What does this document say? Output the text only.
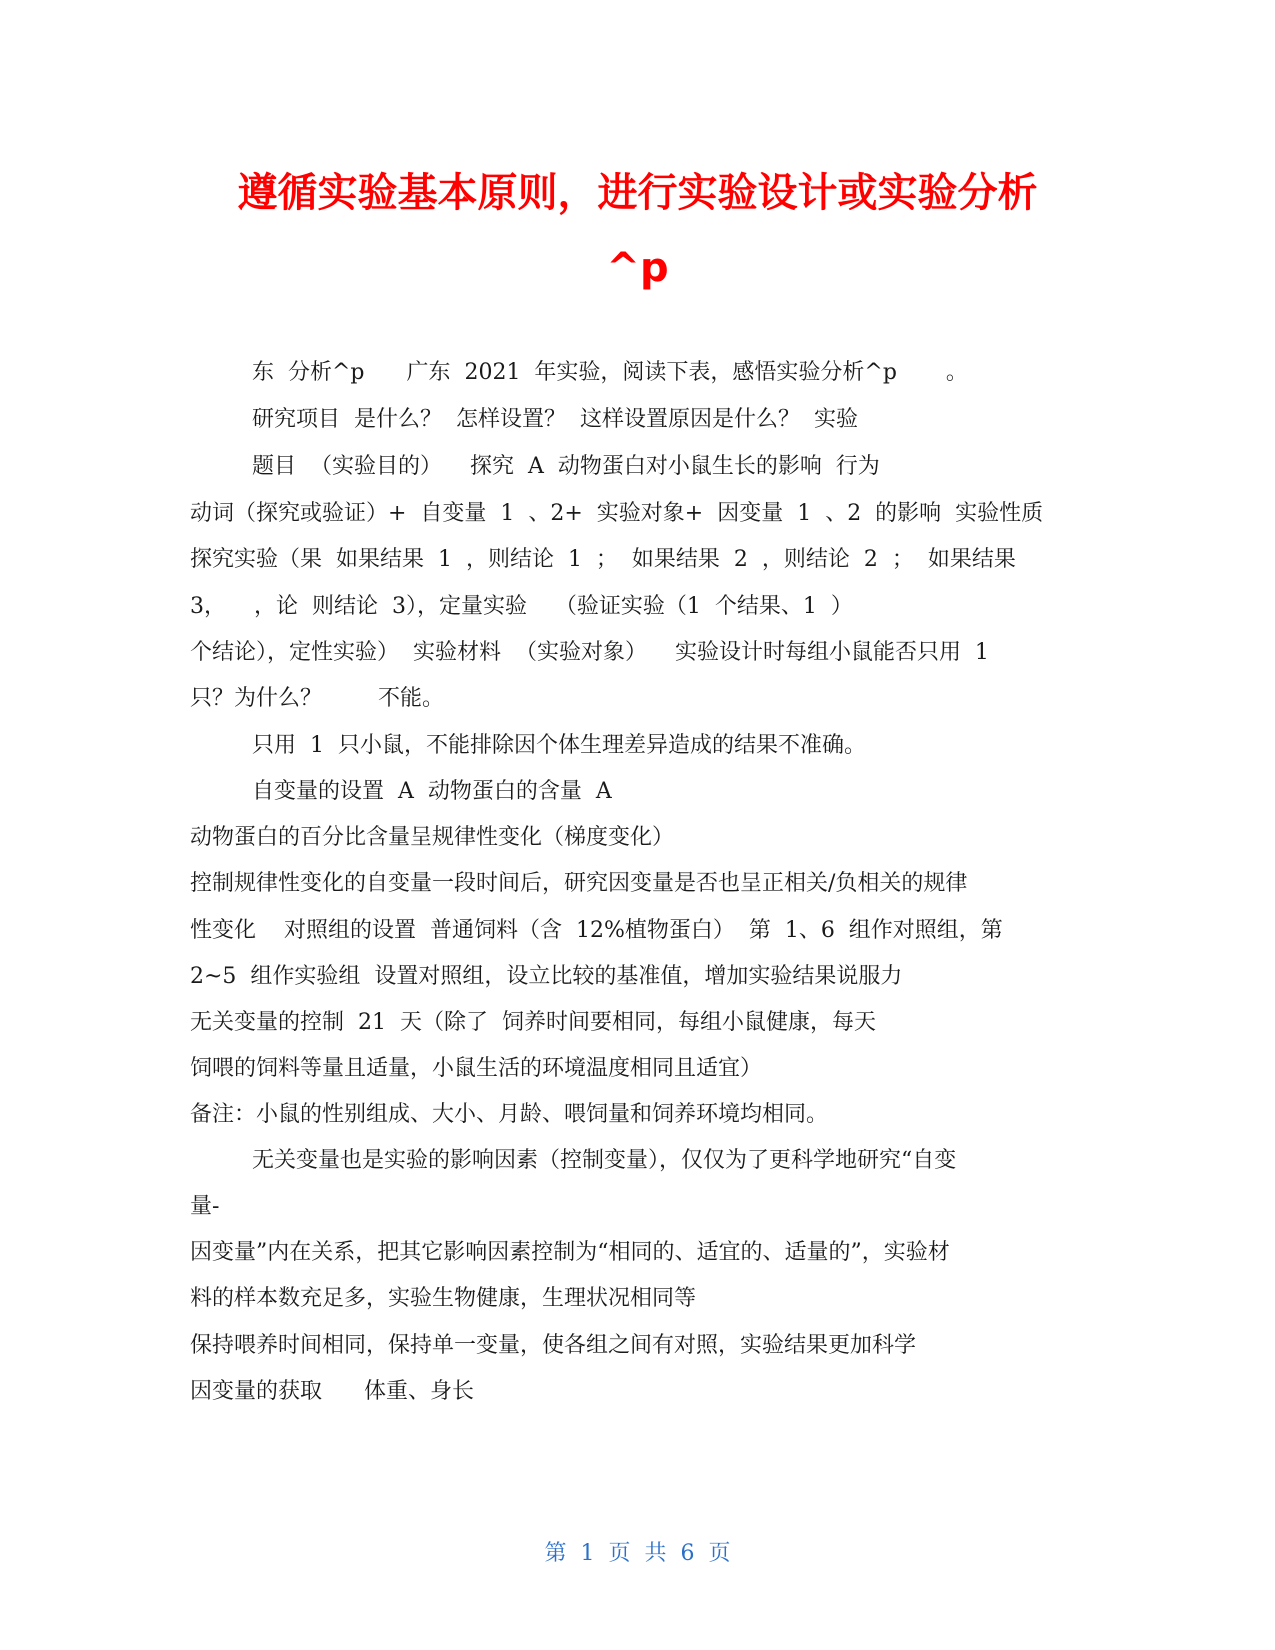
遵循实验基本原则，进行实验设计或实验分析
^p

东  分析^p      广东  2021  年实验，阅读下表，感悟实验分析^p       。

研究项目  是什么？  怎样设置？  这样设置原因是什么？  实验

题目  （实验目的）    探究  A  动物蛋白对小鼠生长的影响  行为

动词（探究或验证）+  自变量  1  、2+  实验对象+  因变量  1  、2  的影响  实验性质

探究实验（果  如果结果  1  ，则结论  1  ；  如果结果  2  ，则结论  2  ；  如果结果

3，    ，论  则结论  3），定量实验    （验证实验（1  个结果、1  ）

个结论），定性实验）  实验材料  （实验对象）    实验设计时每组小鼠能否只用  1

只？为什么？        不能。

只用  1  只小鼠，不能排除因个体生理差异造成的结果不准确。

自变量的设置  A  动物蛋白的含量  A

动物蛋白的百分比含量呈规律性变化（梯度变化）

控制规律性变化的自变量一段时间后，研究因变量是否也呈正相关/负相关的规律

性变化    对照组的设置  普通饲料（含  12%植物蛋白）  第  1、6  组作对照组，第

2~5  组作实验组  设置对照组，设立比较的基准值，增加实验结果说服力

无关变量的控制  21  天（除了  饲养时间要相同，每组小鼠健康，每天

饲喂的饲料等量且适量，小鼠生活的环境温度相同且适宜）

备注：小鼠的性别组成、大小、月龄、喂饲量和饲养环境均相同。

无关变量也是实验的影响因素（控制变量），仅仅为了更科学地研究“自变

量-

因变量”内在关系，把其它影响因素控制为“相同的、适宜的、适量的”，实验材

料的样本数充足多，实验生物健康，生理状况相同等

保持喂养时间相同，保持单一变量，使各组之间有对照，实验结果更加科学

因变量的获取      体重、身长

第  1  页  共  6  页
